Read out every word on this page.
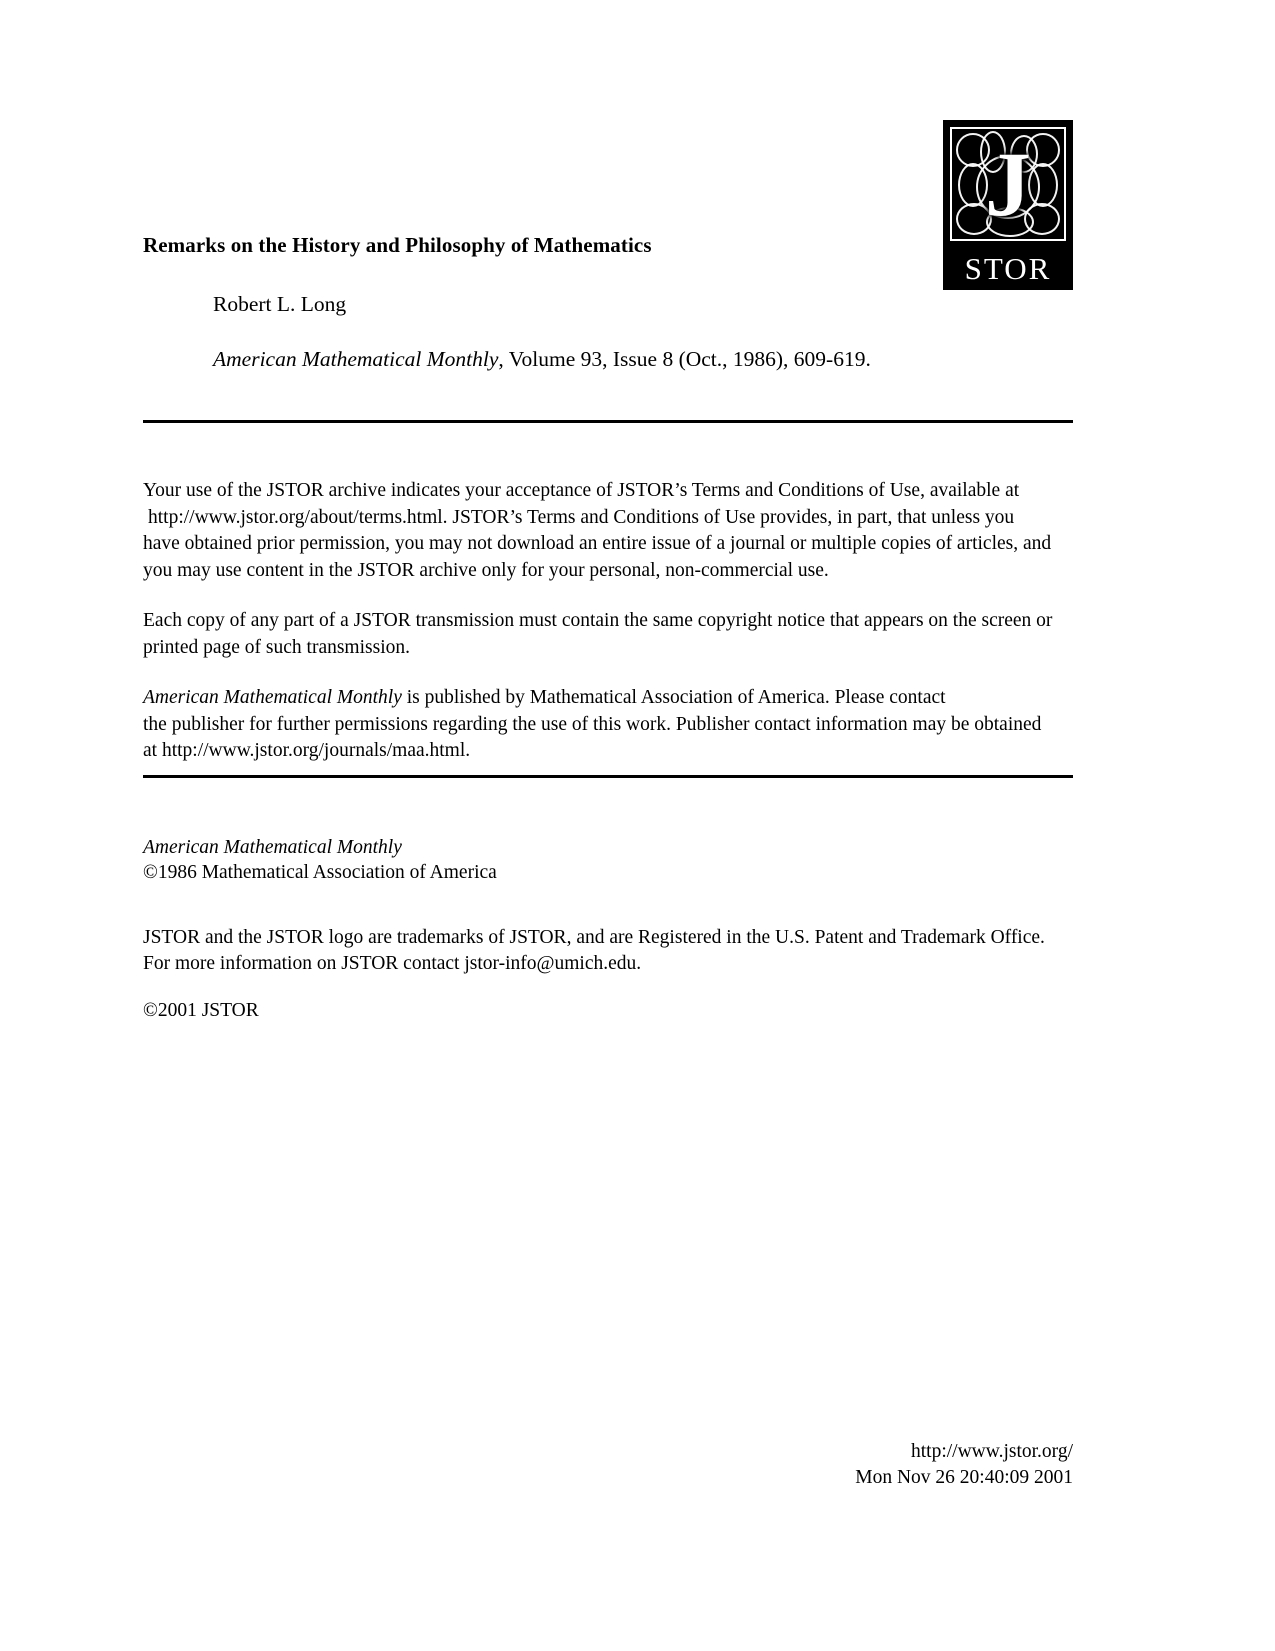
J
STOR
Remarks on the History and Philosophy of Mathematics
Robert L. Long
American Mathematical Monthly, Volume 93, Issue 8 (Oct., 1986), 609-619.

Your use of the JSTOR archive indicates your acceptance of JSTOR’s Terms and Conditions of Use, available at
http://www.jstor.org/about/terms.html. JSTOR’s Terms and Conditions of Use provides, in part, that unless you
have obtained prior permission, you may not download an entire issue of a journal or multiple copies of articles, and
you may use content in the JSTOR archive only for your personal, non-commercial use.

Each copy of any part of a JSTOR transmission must contain the same copyright notice that appears on the screen or
printed page of such transmission.

American Mathematical Monthly is published by Mathematical Association of America. Please contact
the publisher for further permissions regarding the use of this work. Publisher contact information may be obtained
at http://www.jstor.org/journals/maa.html.

American Mathematical Monthly
©1986 Mathematical Association of America
JSTOR and the JSTOR logo are trademarks of JSTOR, and are Registered in the U.S. Patent and Trademark Office.
For more information on JSTOR contact jstor-info@umich.edu.
©2001 JSTOR
http://www.jstor.org/
Mon Nov 26 20:40:09 2001
